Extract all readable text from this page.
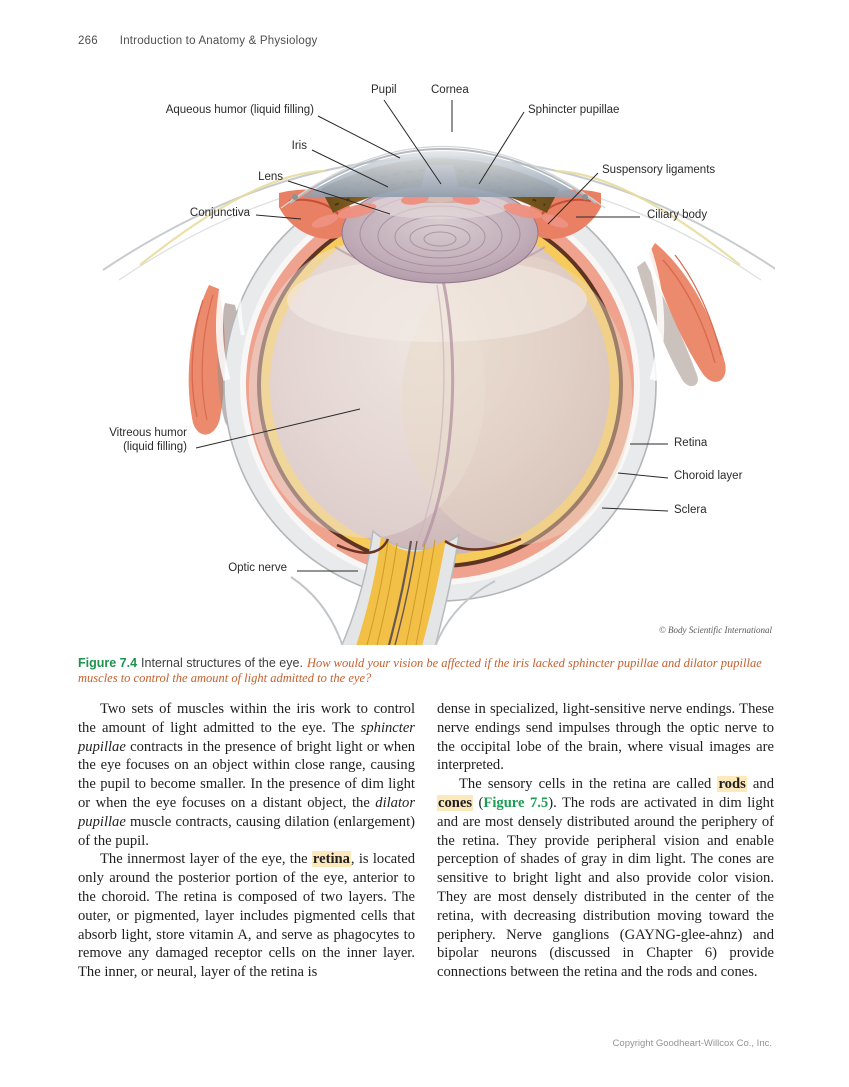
266 Introduction to Anatomy & Physiology
Pupil	Cornea
Aqueous humor (liquid filling)	Sphincter pupillae
Iris
Lens
Suspensory ligaments
Conjunctiva	Ciliary body
Vitreous humor
(liquid filling)	Retina
Choroid layer
Sclera
Optic nerve
© Body Scientific International

Figure 7.4 Internal structures of the eye. How would your vision be affected if the iris lacked sphincter pupillae and dilator pupillae muscles to control the amount of light admitted to the eye?

Two sets of muscles within the iris work to control the amount of light admitted to the eye. The sphincter pupillae contracts in the presence of bright light or when the eye focuses on an object within close range, causing the pupil to become smaller. In the presence of dim light or when the eye focuses on a distant object, the dilator pupillae muscle contracts, causing dilation (enlargement) of the pupil.

The innermost layer of the eye, the retina, is located only around the posterior portion of the eye, anterior to the choroid. The retina is composed of two layers. The outer, or pigmented, layer includes pigmented cells that absorb light, store vitamin A, and serve as phagocytes to remove any damaged receptor cells on the inner layer. The inner, or neural, layer of the retina is

dense in specialized, light-sensitive nerve endings. These nerve endings send impulses through the optic nerve to the occipital lobe of the brain, where visual images are interpreted.

The sensory cells in the retina are called rods and cones (Figure 7.5). The rods are activated in dim light and are most densely distributed around the periphery of the retina. They provide peripheral vision and enable perception of shades of gray in dim light. The cones are sensitive to bright light and also provide color vision. They are most densely distributed in the center of the retina, with decreasing distribution moving toward the periphery. Nerve ganglions (GAYNG-glee-ahnz) and bipolar neurons (discussed in Chapter 6) provide connections between the retina and the rods and cones.

Copyright Goodheart-Willcox Co., Inc.
